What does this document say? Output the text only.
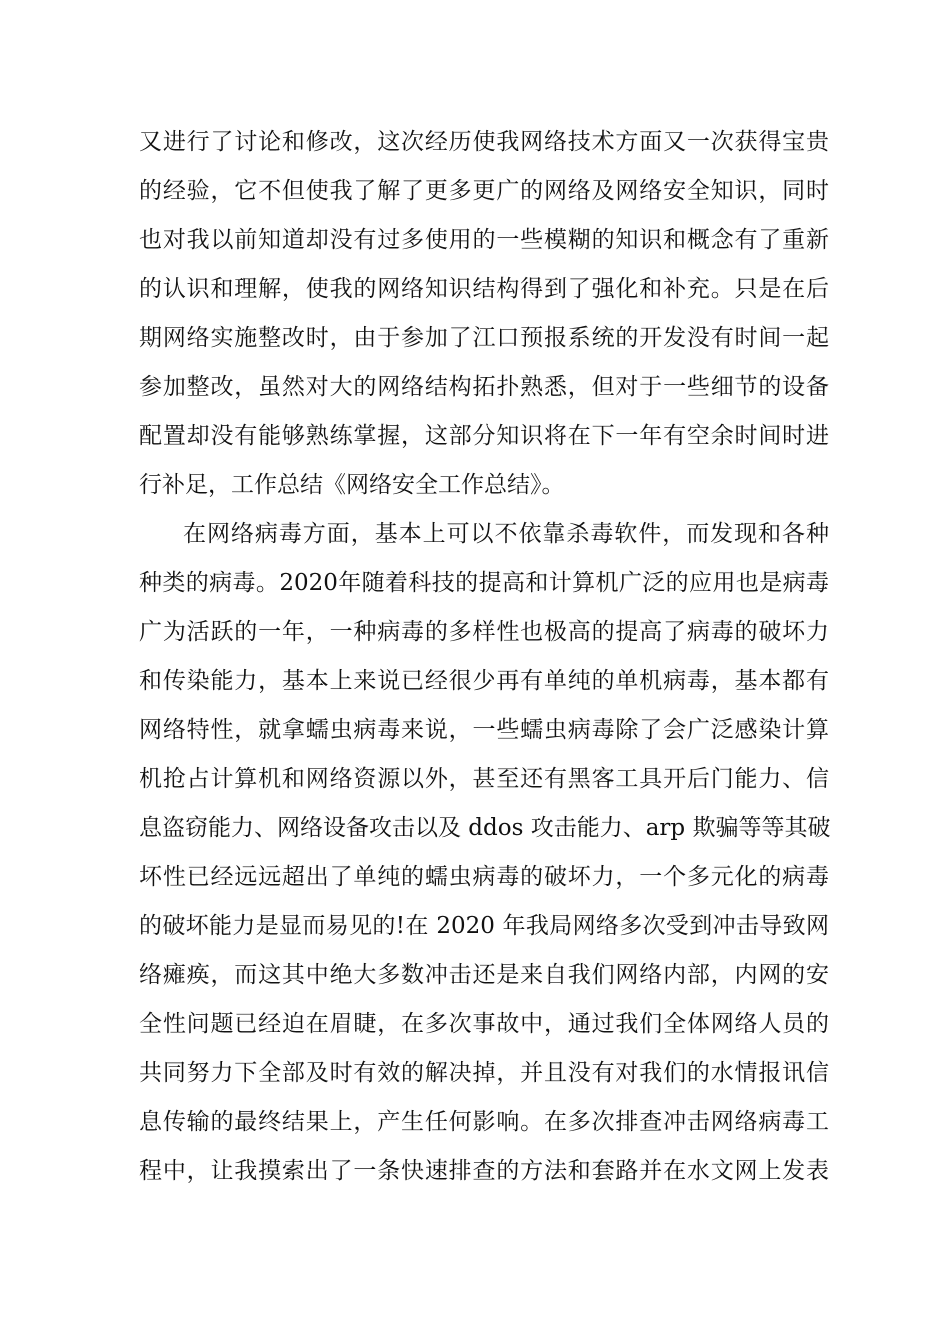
又进行了讨论和修改，这次经历使我网络技术方面又一次获得宝贵
的经验，它不但使我了解了更多更广的网络及网络安全知识，同时
也对我以前知道却没有过多使用的一些模糊的知识和概念有了重新
的认识和理解，使我的网络知识结构得到了强化和补充。只是在后
期网络实施整改时，由于参加了江口预报系统的开发没有时间一起
参加整改，虽然对大的网络结构拓扑熟悉，但对于一些细节的设备
配置却没有能够熟练掌握，这部分知识将在下一年有空余时间时进
行补足，工作总结《网络安全工作总结》。
在网络病毒方面，基本上可以不依靠杀毒软件，而发现和各种
种类的病毒。2020年随着科技的提高和计算机广泛的应用也是病毒
广为活跃的一年，一种病毒的多样性也极高的提高了病毒的破坏力
和传染能力，基本上来说已经很少再有单纯的单机病毒，基本都有
网络特性，就拿蠕虫病毒来说，一些蠕虫病毒除了会广泛感染计算
机抢占计算机和网络资源以外，甚至还有黑客工具开后门能力、信
息盗窃能力、网络设备攻击以及 ddos 攻击能力、arp 欺骗等等其破
坏性已经远远超出了单纯的蠕虫病毒的破坏力，一个多元化的病毒
的破坏能力是显而易见的!在 2020 年我局网络多次受到冲击导致网
络瘫痪，而这其中绝大多数冲击还是来自我们网络内部，内网的安
全性问题已经迫在眉睫，在多次事故中，通过我们全体网络人员的
共同努力下全部及时有效的解决掉，并且没有对我们的水情报讯信
息传输的最终结果上，产生任何影响。在多次排查冲击网络病毒工
程中，让我摸索出了一条快速排查的方法和套路并在水文网上发表
